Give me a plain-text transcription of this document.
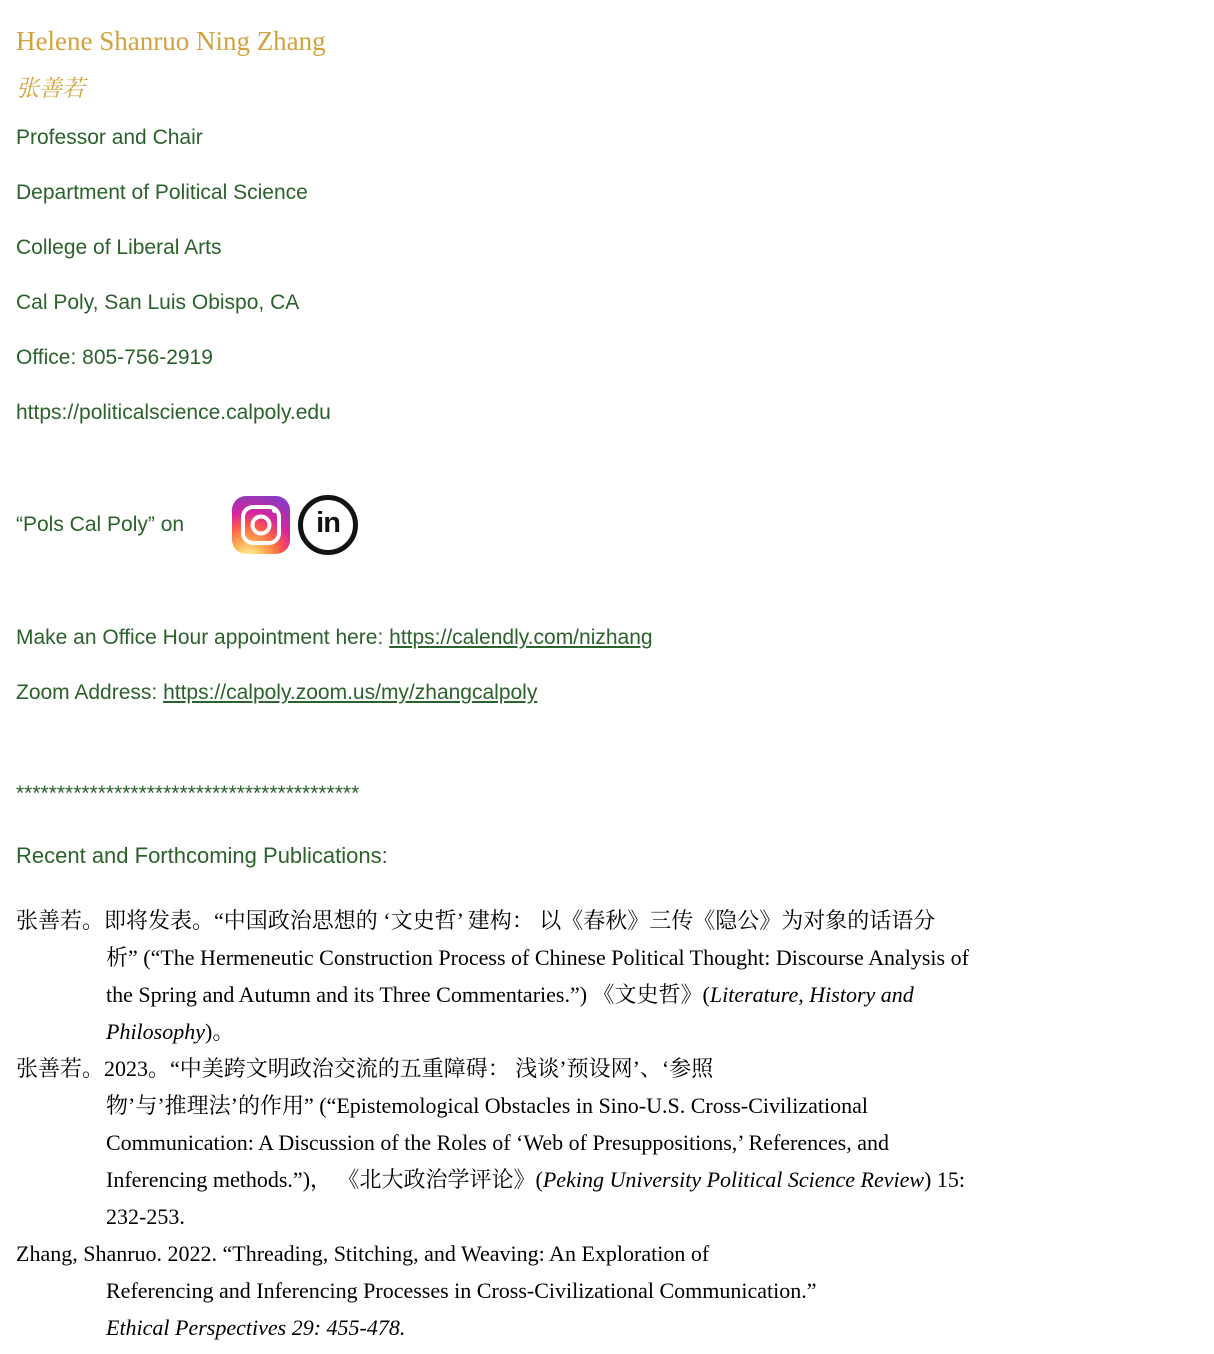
Helene Shanruo Ning Zhang
张善若

Professor and Chair

Department of Political Science

College of Liberal Arts

Cal Poly, San Luis Obispo, CA

Office: 805-756-2919

https://politicalscience.calpoly.edu

“Pols Cal Poly” on	in

Make an Office Hour appointment here: https://calendly.com/nizhang

Zoom Address: https://calpoly.zoom.us/my/zhangcalpoly

******************************************
Recent and Forthcoming Publications:
张善若。即将发表。“中国政治思想的 ‘文史哲’ 建构： 以《春秋》三传《隐公》为对象的话语分
析” (“The Hermeneutic Construction Process of Chinese Political Thought: Discourse Analysis of
the Spring and Autumn and its Three Commentaries.”) 《文史哲》(Literature, History and
Philosophy)。
张善若。2023。“中美跨文明政治交流的五重障碍： 浅谈’预设网’、‘参照
物’与’推理法’的作用” (“Epistemological Obstacles in Sino-U.S. Cross-Civilizational
Communication: A Discussion of the Roles of ‘Web of Presuppositions,’ References, and
Inferencing methods.”)， 《北大政治学评论》(Peking University Political Science Review) 15:
232-253.
Zhang, Shanruo. 2022. “Threading, Stitching, and Weaving: An Exploration of
Referencing and Inferencing Processes in Cross-Civilizational Communication.”
Ethical Perspectives 29: 455-478.
